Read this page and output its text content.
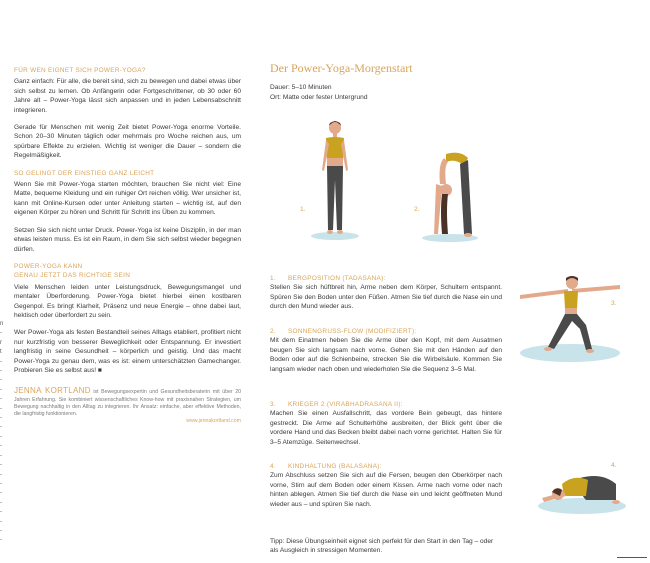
n
-
r
t
-
-
-
-
-
-
-
-
-
-
-
-
-
-
-
-
-
-
-
-
FÜR WEN EIGNET SICH POWER-YOGA?

Ganz einfach: Für alle, die bereit sind, sich zu bewegen und dabei etwas über sich selbst zu lernen. Ob Anfängerin oder Fortgeschrittener, ob 30 oder 60 Jahre alt – Power-Yoga lässt sich anpassen und in jeden Lebensabschnitt integrieren.

Gerade für Menschen mit wenig Zeit bietet Power-Yoga enorme Vorteile. Schon 20–30 Minuten täglich oder mehrmals pro Woche reichen aus, um spürbare Effekte zu erzielen. Wichtig ist weniger die Dauer – sondern die Regelmäßigkeit.

SO GELINGT DER EINSTIEG GANZ LEICHT

Wenn Sie mit Power-Yoga starten möchten, brauchen Sie nicht viel: Eine Matte, bequeme Kleidung und ein ruhiger Ort reichen völlig. Wer unsicher ist, kann mit Online-Kursen oder unter Anleitung starten – wichtig ist, auf den eigenen Körper zu hören und Schritt für Schritt ins Üben zu kommen.

Setzen Sie sich nicht unter Druck. Power-Yoga ist keine Disziplin, in der man etwas leisten muss. Es ist ein Raum, in dem Sie sich selbst wieder begegnen dürfen.

POWER-YOGA KANN
GENAU JETZT DAS RICHTIGE SEIN

Viele Menschen leiden unter Leistungsdruck, Bewegungsmangel und mentaler Überforderung. Power-Yoga bietet hierbei einen kostbaren Gegenpol. Es bringt Klarheit, Präsenz und neue Energie – ohne dabei laut, hektisch oder überfordert zu sein.

Wer Power-Yoga als festen Bestandteil seines Alltags etabliert, profitiert nicht nur kurzfristig von besserer Beweglichkeit oder Entspannung. Er investiert langfristig in seine Gesundheit – körperlich und geistig. Und das macht Power-Yoga zu genau dem, was es ist: einem unterschätzten Gamechanger. Probieren Sie es selbst aus! ■

JENNA KORTLAND ist Bewegungsexpertin und Gesundheitsberaterin mit über 20 Jahren Erfahrung. Sie kombiniert wissenschaftliches Know-how mit praxisnahen Strategien, um Bewegung nachhaltig in den Alltag zu integrieren. Ihr Ansatz: einfache, aber effektive Methoden, die langfristig funktionieren.
www.jennakortland.com
Der Power-Yoga-Morgenstart
Dauer: 5–10 Minuten
Ort: Matte oder fester Untergrund
1.	2.
3.
4.
1. BERGPOSITION (TADASANA):
Stellen Sie sich hüftbreit hin, Arme neben dem Körper, Schultern entspannt. Spüren Sie den Boden unter den Füßen. Atmen Sie tief durch die Nase ein und durch den Mund wieder aus.
2. SONNENGRUSS-FLOW (MODIFIZIERT):
Mit dem Einatmen heben Sie die Arme über den Kopf, mit dem Ausatmen beugen Sie sich langsam nach vorne. Gehen Sie mit den Händen auf den Boden oder auf die Schienbeine, strecken Sie die Wirbelsäule. Kommen Sie langsam wieder nach oben und wiederholen Sie die Sequenz 3–5 Mal.
3. KRIEGER 2 (VIRABHADRASANA II):
Machen Sie einen Ausfallschritt, das vordere Bein gebeugt, das hintere gestreckt. Die Arme auf Schulterhöhe ausbreiten, der Blick geht über die vordere Hand und das Becken bleibt dabei nach vorne gerichtet. Halten Sie für 3–5 Atemzüge. Seitenwechsel.
4. KINDHALTUNG (BALASANA):
Zum Abschluss setzen Sie sich auf die Fersen, beugen den Oberkörper nach vorne, Stirn auf dem Boden oder einem Kissen. Arme nach vorne oder nach hinten ablegen. Atmen Sie tief durch die Nase ein und leicht geöffneten Mund wieder aus – und spüren Sie nach.
Tipp: Diese Übungseinheit eignet sich perfekt für den Start in den Tag – oder als Ausgleich in stressigen Momenten.
